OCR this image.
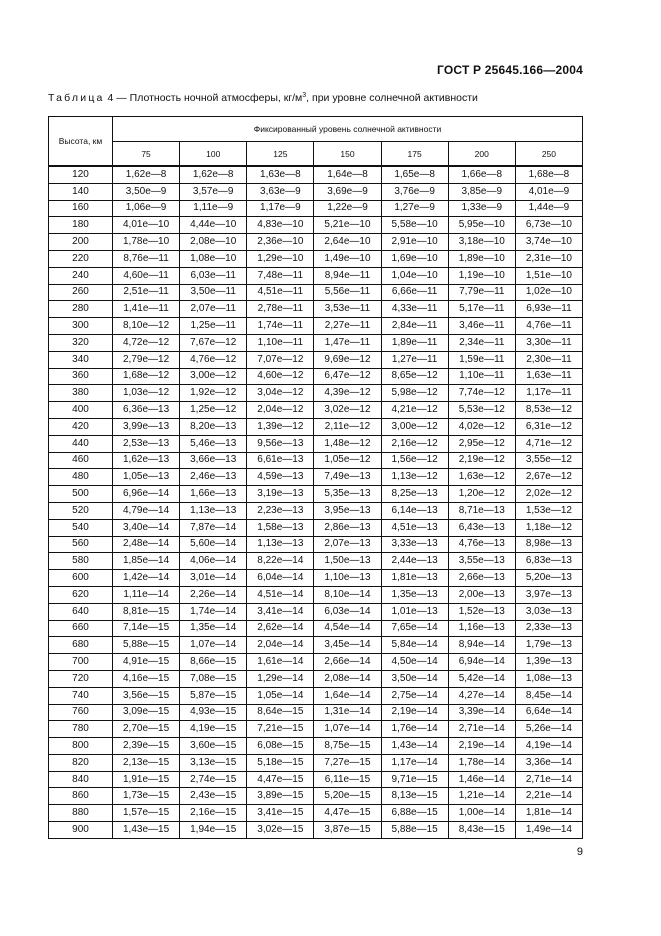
ГОСТ Р 25645.166—2004
Таблица 4 — Плотность ночной атмосферы, $кг/м^3$, при уровне солнечной активности
Высота, км	Фиксированный уровень солнечной активности						
	75	100	125	150	175	200	250
120	1,62e—8	1,62e—8	1,63e—8	1,64e—8	1,65e—8	1,66e—8	1,68e—8
140	3,50e—9	3,57e—9	3,63e—9	3,69e—9	3,76e—9	3,85e—9	4,01e—9
160	1,06e—9	1,11e—9	1,17e—9	1,22e—9	1,27e—9	1,33e—9	1,44e—9
180	4,01e—10	4,44e—10	4,83e—10	5,21e—10	5,58e—10	5,95e—10	6,73e—10
200	1,78e—10	2,08e—10	2,36e—10	2,64e—10	2,91e—10	3,18e—10	3,74e—10
220	8,76e—11	1,08e—10	1,29e—10	1,49e—10	1,69e—10	1,89e—10	2,31e—10
240	4,60e—11	6,03e—11	7,48e—11	8,94e—11	1,04e—10	1,19e—10	1,51e—10
260	2,51e—11	3,50e—11	4,51e—11	5,56e—11	6,66e—11	7,79e—11	1,02e—10
280	1,41e—11	2,07e—11	2,78e—11	3,53e—11	4,33e—11	5,17e—11	6,93e—11
300	8,10e—12	1,25e—11	1,74e—11	2,27e—11	2,84e—11	3,46e—11	4,76e—11
320	4,72e—12	7,67e—12	1,10e—11	1,47e—11	1,89e—11	2,34e—11	3,30e—11
340	2,79e—12	4,76e—12	7,07e—12	9,69e—12	1,27e—11	1,59e—11	2,30e—11
360	1,68e—12	3,00e—12	4,60e—12	6,47e—12	8,65e—12	1,10e—11	1,63e—11
380	1,03e—12	1,92e—12	3,04e—12	4,39e—12	5,98e—12	7,74e—12	1,17e—11
400	6,36e—13	1,25e—12	2,04e—12	3,02e—12	4,21e—12	5,53e—12	8,53e—12
420	3,99e—13	8,20e—13	1,39e—12	2,11e—12	3,00e—12	4,02e—12	6,31e—12
440	2,53e—13	5,46e—13	9,56e—13	1,48e—12	2,16e—12	2,95e—12	4,71e—12
460	1,62e—13	3,66e—13	6,61e—13	1,05e—12	1,56e—12	2,19e—12	3,55e—12
480	1,05e—13	2,46e—13	4,59e—13	7,49e—13	1,13e—12	1,63e—12	2,67e—12
500	6,96e—14	1,66e—13	3,19e—13	5,35e—13	8,25e—13	1,20e—12	2,02e—12
520	4,79e—14	1,13e—13	2,23e—13	3,95e—13	6,14e—13	8,71e—13	1,53e—12
540	3,40e—14	7,87e—14	1,58e—13	2,86e—13	4,51e—13	6,43e—13	1,18e—12
560	2,48e—14	5,60e—14	1,13e—13	2,07e—13	3,33e—13	4,76e—13	8,98e—13
580	1,85e—14	4,06e—14	8,22e—14	1,50e—13	2,44e—13	3,55e—13	6,83e—13
600	1,42e—14	3,01e—14	6,04e—14	1,10e—13	1,81e—13	2,66e—13	5,20e—13
620	1,11e—14	2,26e—14	4,51e—14	8,10e—14	1,35e—13	2,00e—13	3,97e—13
640	8,81e—15	1,74e—14	3,41e—14	6,03e—14	1,01e—13	1,52e—13	3,03e—13
660	7,14e—15	1,35e—14	2,62e—14	4,54e—14	7,65e—14	1,16e—13	2,33e—13
680	5,88e—15	1,07e—14	2,04e—14	3,45e—14	5,84e—14	8,94e—14	1,79e—13
700	4,91e—15	8,66e—15	1,61e—14	2,66e—14	4,50e—14	6,94e—14	1,39e—13
720	4,16e—15	7,08e—15	1,29e—14	2,08e—14	3,50e—14	5,42e—14	1,08e—13
740	3,56e—15	5,87e—15	1,05e—14	1,64e—14	2,75e—14	4,27e—14	8,45e—14
760	3,09e—15	4,93e—15	8,64e—15	1,31e—14	2,19e—14	3,39e—14	6,64e—14
780	2,70e—15	4,19e—15	7,21e—15	1,07e—14	1,76e—14	2,71e—14	5,26e—14
800	2,39e—15	3,60e—15	6,08e—15	8,75e—15	1,43e—14	2,19e—14	4,19e—14
820	2,13e—15	3,13e—15	5,18e—15	7,27e—15	1,17e—14	1,78e—14	3,36e—14
840	1,91e—15	2,74e—15	4,47e—15	6,11e—15	9,71e—15	1,46e—14	2,71e—14
860	1,73e—15	2,43e—15	3,89e—15	5,20e—15	8,13e—15	1,21e—14	2,21e—14
880	1,57e—15	2,16e—15	3,41e—15	4,47e—15	6,88e—15	1,00e—14	1,81e—14
900	1,43e—15	1,94e—15	3,02e—15	3,87e—15	5,88e—15	8,43e—15	1,49e—14
9
